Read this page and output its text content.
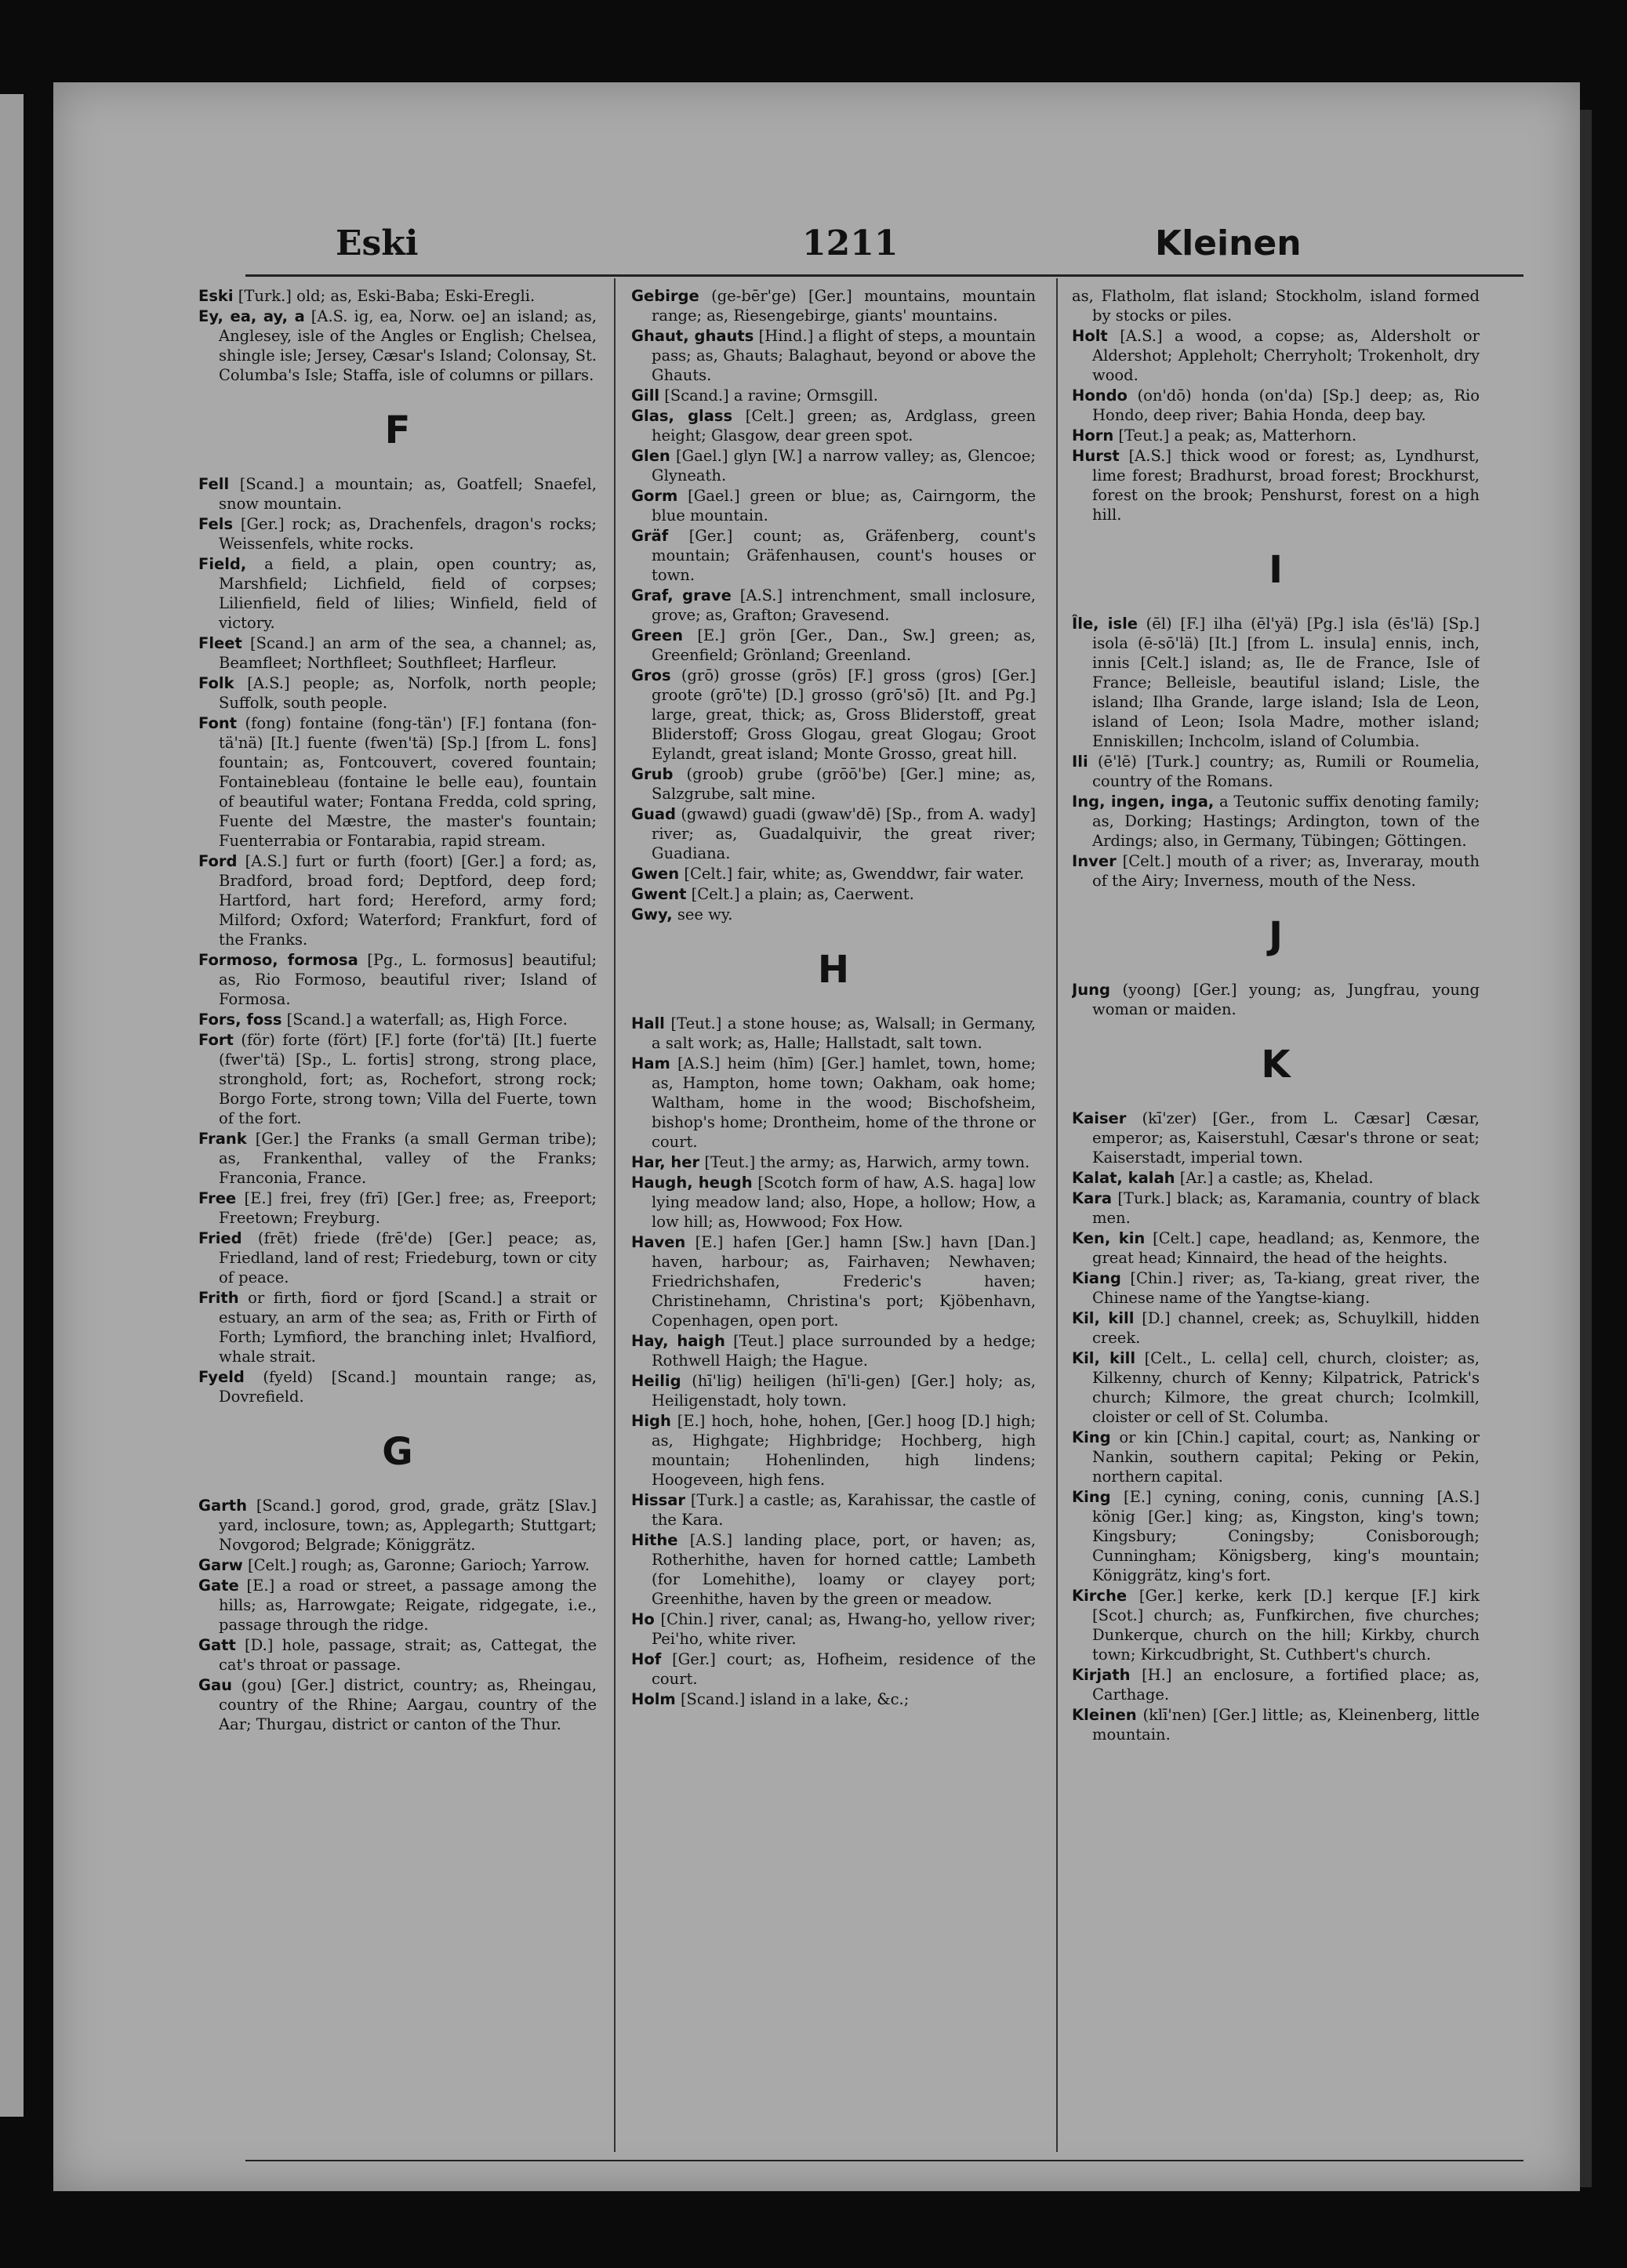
Eski	1211	Kleinen
Eski [Turk.] old; as, Eski-Baba; Eski-Eregli.
Ey, ea, ay, a [A.S. ig, ea, Norw. oe] an island; as, Anglesey, isle of the Angles or English; Chelsea, shingle isle; Jersey, Cæsar's Island; Colonsay, St. Columba's Isle; Staffa, isle of columns or pillars.
F
Fell [Scand.] a mountain; as, Goatfell; Snaefel, snow mountain.
Fels [Ger.] rock; as, Drachenfels, dragon's rocks; Weissenfels, white rocks.
Field, a field, a plain, open country; as, Marshfield; Lichfield, field of corpses; Lilienfield, field of lilies; Winfield, field of victory.
Fleet [Scand.] an arm of the sea, a channel; as, Beamfleet; Northfleet; Southfleet; Harfleur.
Folk [A.S.] people; as, Norfolk, north people; Suffolk, south people.
Font (fong) fontaine (fong-tän') [F.] fontana (fon-tä'nä) [It.] fuente (fwen'tä) [Sp.] [from L. fons] fountain; as, Fontcouvert, covered fountain; Fontainebleau (fontaine le belle eau), fountain of beautiful water; Fontana Fredda, cold spring, Fuente del Mæstre, the master's fountain; Fuenterrabia or Fontarabia, rapid stream.
Ford [A.S.] furt or furth (foort) [Ger.] a ford; as, Bradford, broad ford; Deptford, deep ford; Hartford, hart ford; Hereford, army ford; Milford; Oxford; Waterford; Frankfurt, ford of the Franks.
Formoso, formosa [Pg., L. formosus] beautiful; as, Rio Formoso, beautiful river; Island of Formosa.
Fors, foss [Scand.] a waterfall; as, High Force.
Fort (för) forte (fört) [F.] forte (for'tä) [It.] fuerte (fwer'tä) [Sp., L. fortis] strong, strong place, stronghold, fort; as, Rochefort, strong rock; Borgo Forte, strong town; Villa del Fuerte, town of the fort.
Frank [Ger.] the Franks (a small German tribe); as, Frankenthal, valley of the Franks; Franconia, France.
Free [E.] frei, frey (frī) [Ger.] free; as, Freeport; Freetown; Freyburg.
Fried (frēt) friede (frē'de) [Ger.] peace; as, Friedland, land of rest; Friedeburg, town or city of peace.
Frith or firth, fiord or fjord [Scand.] a strait or estuary, an arm of the sea; as, Frith or Firth of Forth; Lymfiord, the branching inlet; Hvalfiord, whale strait.
Fyeld (fyeld) [Scand.] mountain range; as, Dovrefield.
G
Garth [Scand.] gorod, grod, grade, grätz [Slav.] yard, inclosure, town; as, Applegarth; Stuttgart; Novgorod; Belgrade; Königgrätz.
Garw [Celt.] rough; as, Garonne; Garioch; Yarrow.
Gate [E.] a road or street, a passage among the hills; as, Harrowgate; Reigate, ridgegate, i.e., passage through the ridge.
Gatt [D.] hole, passage, strait; as, Cattegat, the cat's throat or passage.
Gau (gou) [Ger.] district, country; as, Rheingau, country of the Rhine; Aargau, country of the Aar; Thurgau, district or canton of the Thur.
Gebirge (ge-bēr'ge) [Ger.] mountains, mountain range; as, Riesengebirge, giants' mountains.
Ghaut, ghauts [Hind.] a flight of steps, a mountain pass; as, Ghauts; Balaghaut, beyond or above the Ghauts.
Gill [Scand.] a ravine; Ormsgill.
Glas, glass [Celt.] green; as, Ardglass, green height; Glasgow, dear green spot.
Glen [Gael.] glyn [W.] a narrow valley; as, Glencoe; Glyneath.
Gorm [Gael.] green or blue; as, Cairngorm, the blue mountain.
Gräf [Ger.] count; as, Gräfenberg, count's mountain; Gräfenhausen, count's houses or town.
Graf, grave [A.S.] intrenchment, small inclosure, grove; as, Grafton; Gravesend.
Green [E.] grön [Ger., Dan., Sw.] green; as, Greenfield; Grönland; Greenland.
Gros (grō) grosse (grōs) [F.] gross (gros) [Ger.] groote (grō'te) [D.] grosso (grō'sō) [It. and Pg.] large, great, thick; as, Gross Bliderstoff, great Bliderstoff; Gross Glogau, great Glogau; Groot Eylandt, great island; Monte Grosso, great hill.
Grub (groob) grube (grōō'be) [Ger.] mine; as, Salzgrube, salt mine.
Guad (gwawd) guadi (gwaw'dē) [Sp., from A. wady] river; as, Guadalquivir, the great river; Guadiana.
Gwen [Celt.] fair, white; as, Gwenddwr, fair water.
Gwent [Celt.] a plain; as, Caerwent.
Gwy, see wy.
H
Hall [Teut.] a stone house; as, Walsall; in Germany, a salt work; as, Halle; Hallstadt, salt town.
Ham [A.S.] heim (hīm) [Ger.] hamlet, town, home; as, Hampton, home town; Oakham, oak home; Waltham, home in the wood; Bischofsheim, bishop's home; Drontheim, home of the throne or court.
Har, her [Teut.] the army; as, Harwich, army town.
Haugh, heugh [Scotch form of haw, A.S. haga] low lying meadow land; also, Hope, a hollow; How, a low hill; as, Howwood; Fox How.
Haven [E.] hafen [Ger.] hamn [Sw.] havn [Dan.] haven, harbour; as, Fairhaven; Newhaven; Friedrichshafen, Frederic's haven; Christinehamn, Christina's port; Kjöbenhavn, Copenhagen, open port.
Hay, haigh [Teut.] place surrounded by a hedge; Rothwell Haigh; the Hague.
Heilig (hī'lig) heiligen (hī'li-gen) [Ger.] holy; as, Heiligenstadt, holy town.
High [E.] hoch, hohe, hohen, [Ger.] hoog [D.] high; as, Highgate; Highbridge; Hochberg, high mountain; Hohenlinden, high lindens; Hoogeveen, high fens.
Hissar [Turk.] a castle; as, Karahissar, the castle of the Kara.
Hithe [A.S.] landing place, port, or haven; as, Rotherhithe, haven for horned cattle; Lambeth (for Lomehithe), loamy or clayey port; Greenhithe, haven by the green or meadow.
Ho [Chin.] river, canal; as, Hwang-ho, yellow river; Pei'ho, white river.
Hof [Ger.] court; as, Hofheim, residence of the court.
Holm [Scand.] island in a lake, &c.;
as, Flatholm, flat island; Stockholm, island formed by stocks or piles.
Holt [A.S.] a wood, a copse; as, Aldersholt or Aldershot; Appleholt; Cherryholt; Trokenholt, dry wood.
Hondo (on'dō) honda (on'da) [Sp.] deep; as, Rio Hondo, deep river; Bahia Honda, deep bay.
Horn [Teut.] a peak; as, Matterhorn.
Hurst [A.S.] thick wood or forest; as, Lyndhurst, lime forest; Bradhurst, broad forest; Brockhurst, forest on the brook; Penshurst, forest on a high hill.
I
Île, isle (ēl) [F.] ilha (ēl'yä) [Pg.] isla (ēs'lä) [Sp.] isola (ē-sō'lä) [It.] [from L. insula] ennis, inch, innis [Celt.] island; as, Ile de France, Isle of France; Belleisle, beautiful island; Lisle, the island; Ilha Grande, large island; Isla de Leon, island of Leon; Isola Madre, mother island; Enniskillen; Inchcolm, island of Columbia.
Ili (ē'lē) [Turk.] country; as, Rumili or Roumelia, country of the Romans.
Ing, ingen, inga, a Teutonic suffix denoting family; as, Dorking; Hastings; Ardington, town of the Ardings; also, in Germany, Tübingen; Göttingen.
Inver [Celt.] mouth of a river; as, Inveraray, mouth of the Airy; Inverness, mouth of the Ness.
J
Jung (yoong) [Ger.] young; as, Jungfrau, young woman or maiden.
K
Kaiser (kī'zer) [Ger., from L. Cæsar] Cæsar, emperor; as, Kaiserstuhl, Cæsar's throne or seat; Kaiserstadt, imperial town.
Kalat, kalah [Ar.] a castle; as, Khelad.
Kara [Turk.] black; as, Karamania, country of black men.
Ken, kin [Celt.] cape, headland; as, Kenmore, the great head; Kinnaird, the head of the heights.
Kiang [Chin.] river; as, Ta-kiang, great river, the Chinese name of the Yangtse-kiang.
Kil, kill [D.] channel, creek; as, Schuylkill, hidden creek.
Kil, kill [Celt., L. cella] cell, church, cloister; as, Kilkenny, church of Kenny; Kilpatrick, Patrick's church; Kilmore, the great church; Icolmkill, cloister or cell of St. Columba.
King or kin [Chin.] capital, court; as, Nanking or Nankin, southern capital; Peking or Pekin, northern capital.
King [E.] cyning, coning, conis, cunning [A.S.] könig [Ger.] king; as, Kingston, king's town; Kingsbury; Coningsby; Conisborough; Cunningham; Königsberg, king's mountain; Königgrätz, king's fort.
Kirche [Ger.] kerke, kerk [D.] kerque [F.] kirk [Scot.] church; as, Funfkirchen, five churches; Dunkerque, church on the hill; Kirkby, church town; Kirkcudbright, St. Cuthbert's church.
Kirjath [H.] an enclosure, a fortified place; as, Carthage.
Kleinen (klī'nen) [Ger.] little; as, Kleinenberg, little mountain.
